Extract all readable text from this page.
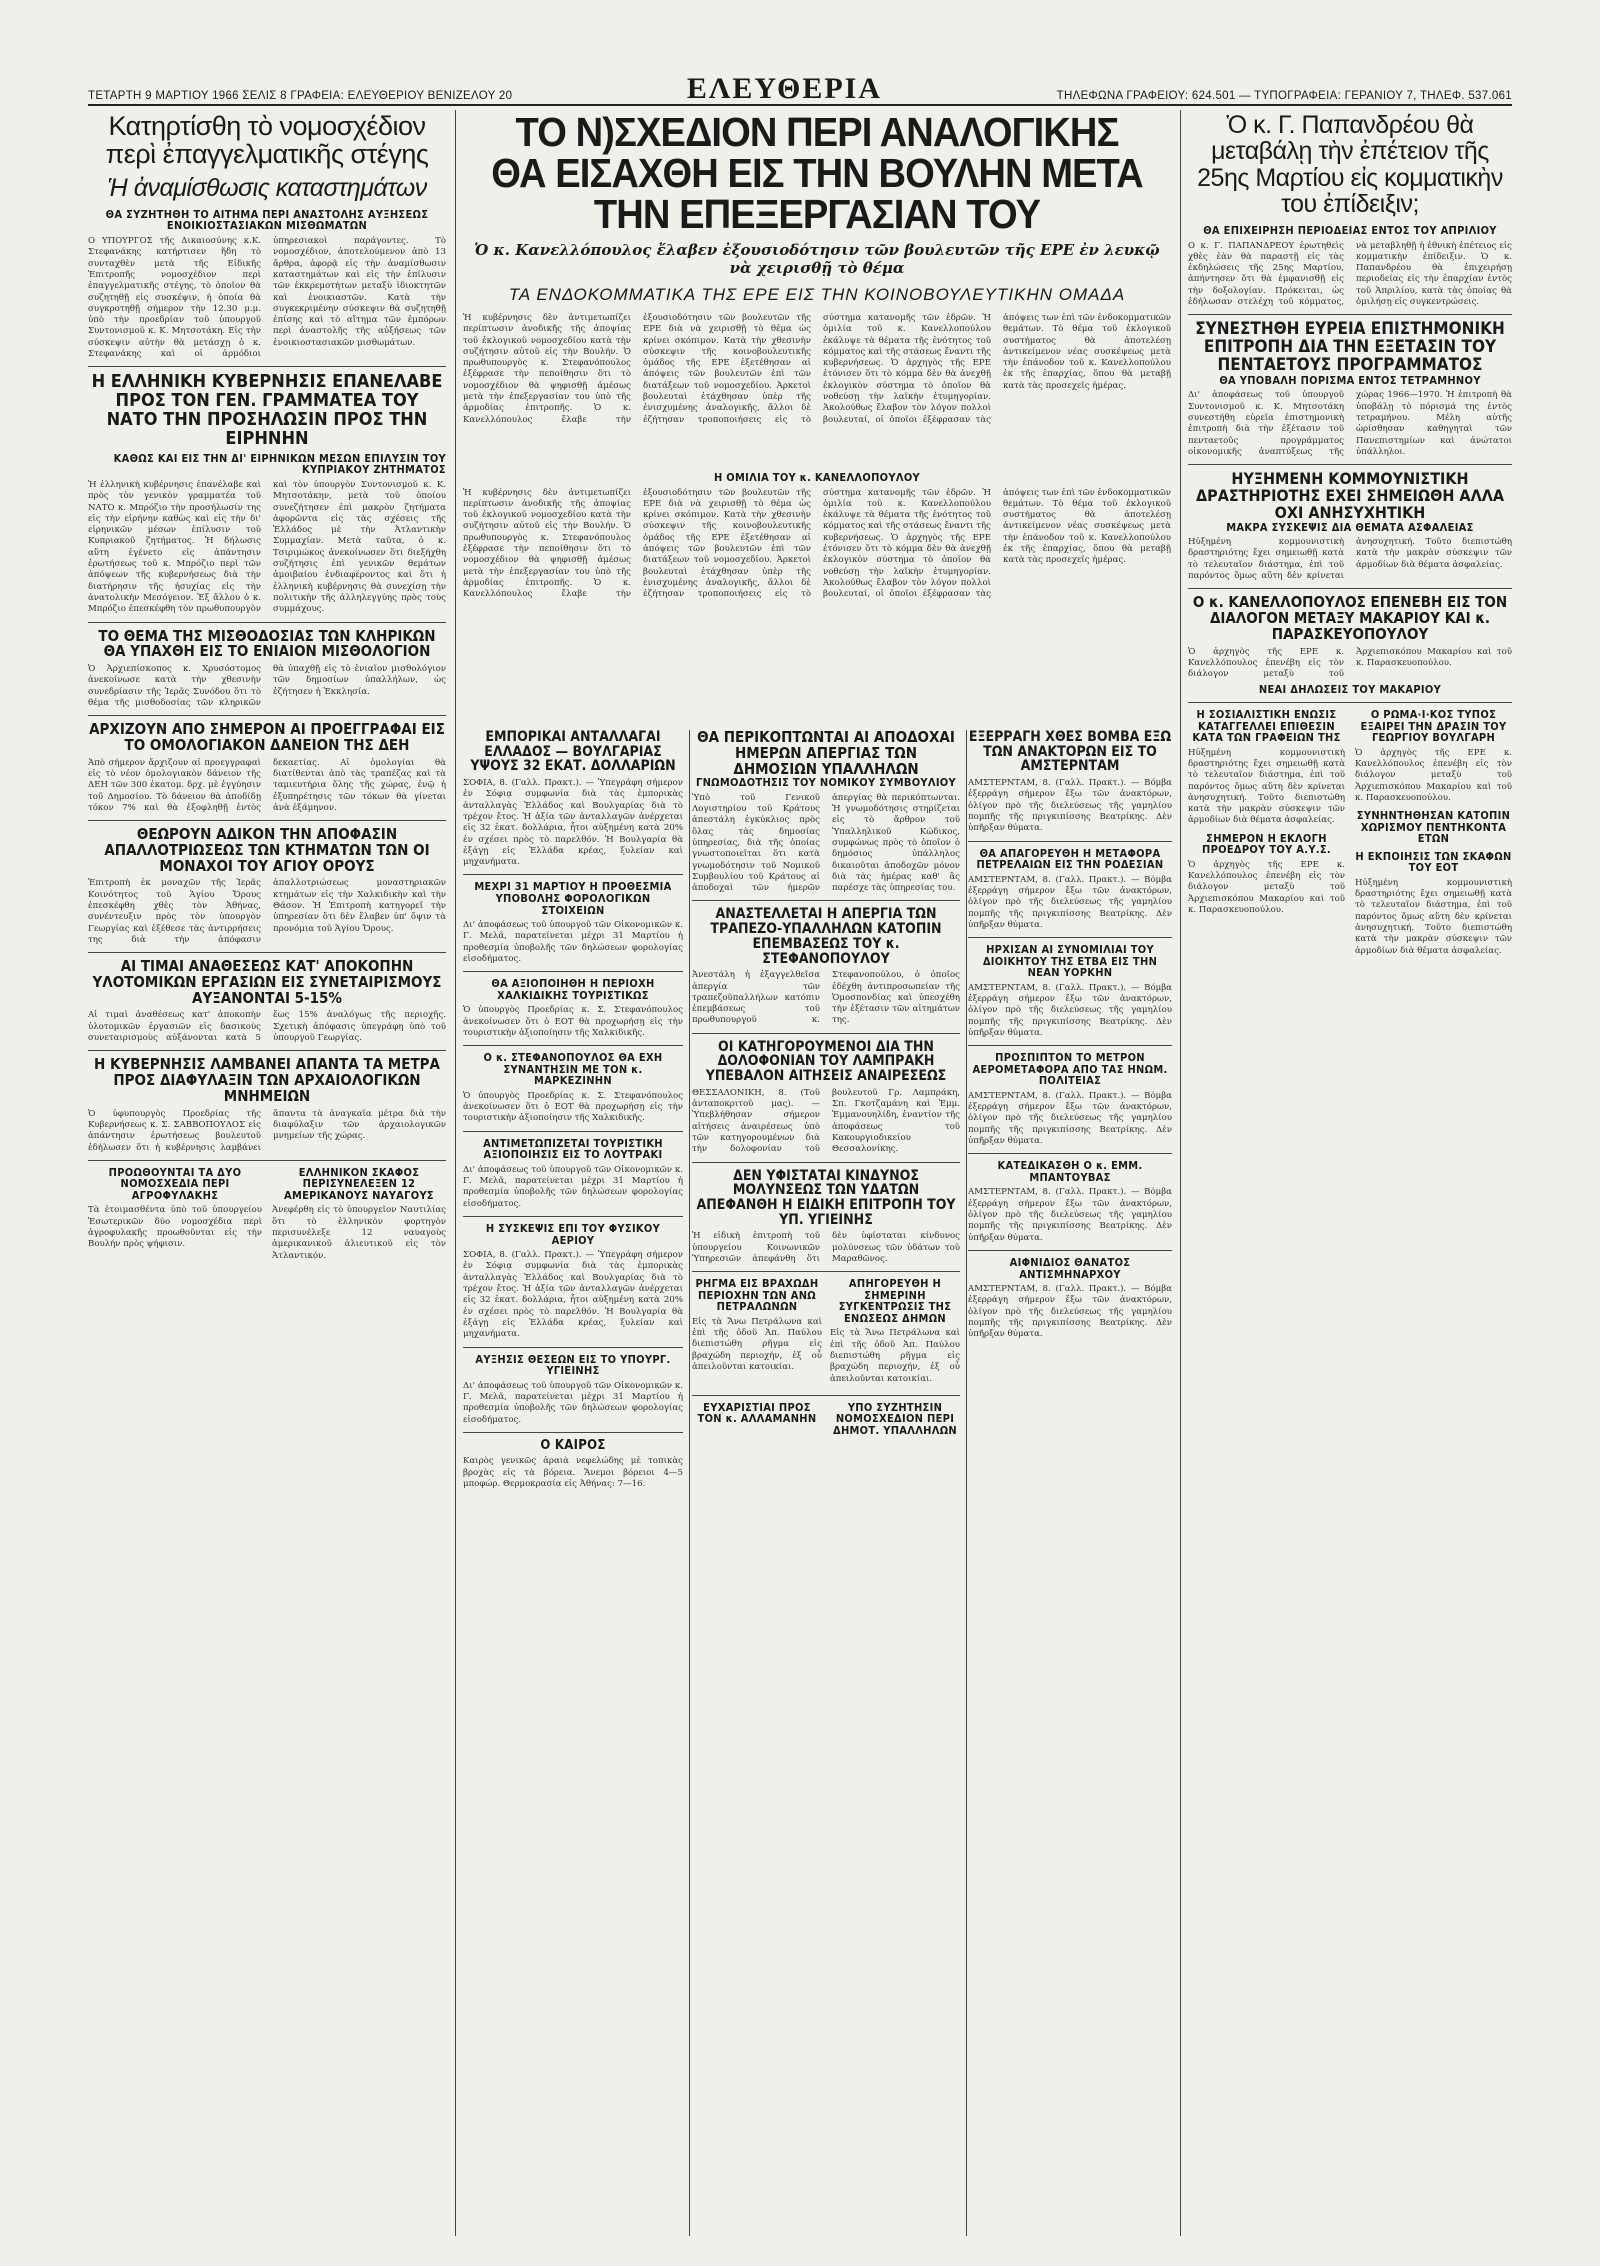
ΤΕΤΑΡΤΗ 9 ΜΑΡΤΙΟΥ 1966 ΣΕΛΙΣ 8 ΓΡΑΦΕΙΑ: ΕΛΕΥΘΕΡΙΟΥ ΒΕΝΙΖΕΛΟΥ 20	ΕΛΕΥΘΕΡΙΑ	ΤΗΛΕΦΩΝΑ ΓΡΑΦΕΙΟΥ: 624.501 — ΤΥΠΟΓΡΑΦΕΙΑ: ΓΕΡΑΝΙΟΥ 7, ΤΗΛΕΦ. 537.061
Κατηρτίσθη τὸ νομοσχέδιον περὶ ἐπαγγελματικῆς στέγης
Ἡ ἀναμίσθωσις καταστημάτων

ΘΑ ΣΥΖΗΤΗΘΗ ΤΟ ΑΙΤΗΜΑ ΠΕΡΙ ΑΝΑΣΤΟΛΗΣ ΑΥΞΗΣΕΩΣ ΕΝΟΙΚΙΟΣΤΑΣΙΑΚΩΝ ΜΙΣΘΩΜΑΤΩΝ

Ο ΥΠΟΥΡΓΟΣ τῆς Δικαιοσύνης κ.Κ. Στεφανάκης κατήρτισεν ἤδη τὸ συνταχθὲν μετὰ τῆς Εἰδικῆς Ἐπιτροπῆς νομοσχέδιον περὶ ἐπαγγελματικῆς στέγης, τὸ ὁποῖον θὰ συζητηθῇ εἰς συσκέψιν, ἡ ὁποία θὰ συγκροτηθῇ σήμερον τὴν 12.30 μ.μ. ὑπὸ τὴν προεδρίαν τοῦ ὑπουργοῦ Συντονισμοῦ κ. Κ. Μητσοτάκη. Εἰς τὴν σύσκεψιν αὐτὴν θὰ μετάσχῃ ὁ κ. Στεφανάκης καὶ οἱ ἁρμόδιοι ὑπηρεσιακοὶ παράγοντες. Τὸ νομοσχέδιον, ἀποτελούμενον ἀπὸ 13 ἄρθρα, ἀφορᾷ εἰς τὴν ἀναμίσθωσιν καταστημάτων καὶ εἰς τὴν ἐπίλυσιν τῶν ἐκκρεμοτήτων μεταξὺ ἰδιοκτητῶν καὶ ἐνοικιαστῶν. Κατὰ τὴν συγκεκριμένην σύσκεψιν θὰ συζητηθῇ ἐπίσης καὶ τὸ αἴτημα τῶν ἐμπόρων περὶ ἀναστολῆς τῆς αὐξήσεως τῶν ἐνοικιοστασιακῶν μισθωμάτων.

Η ΕΛΛΗΝΙΚΗ ΚΥΒΕΡΝΗΣΙΣ ΕΠΑΝΕΛΑΒΕ ΠΡΟΣ ΤΟΝ ΓΕΝ. ΓΡΑΜΜΑΤΕΑ ΤΟΥ ΝΑΤΟ ΤΗΝ ΠΡΟΣΗΛΩΣΙΝ ΠΡΟΣ ΤΗΝ ΕΙΡΗΝΗΝ

ΚΑΘΩΣ ΚΑΙ ΕΙΣ ΤΗΝ ΔΙ' ΕΙΡΗΝΙΚΩΝ ΜΕΣΩΝ ΕΠΙΛΥΣΙΝ ΤΟΥ ΚΥΠΡΙΑΚΟΥ ΖΗΤΗΜΑΤΟΣ

Ἡ ἑλληνικὴ κυβέρνησις ἐπανέλαβε καὶ πρὸς τὸν γενικὸν γραμματέα τοῦ ΝΑΤΟ κ. Μπρόζιο τὴν προσήλωσίν της εἰς τὴν εἰρήνην καθὼς καὶ εἰς τὴν δι' εἰρηνικῶν μέσων ἐπίλυσιν τοῦ Κυπριακοῦ ζητήματος. Ἡ δήλωσις αὕτη ἐγένετο εἰς ἀπάντησιν ἐρωτήσεως τοῦ κ. Μπρόζιο περὶ τῶν ἀπόψεων τῆς κυβερνήσεως διὰ τὴν διατήρησιν τῆς ἡσυχίας εἰς τὴν ἀνατολικὴν Μεσόγειον. Ἐξ ἄλλου ὁ κ. Μπρόζιο ἐπεσκέφθη τὸν πρωθυπουργὸν καὶ τὸν ὑπουργὸν Συντονισμοῦ κ. Κ. Μητσοτάκην, μετὰ τοῦ ὁποίου συνεζήτησεν ἐπὶ μακρὸν ζητήματα ἀφορῶντα εἰς τὰς σχέσεις τῆς Ἑλλάδος μὲ τὴν Ἀτλαντικὴν Συμμαχίαν. Μετὰ ταῦτα, ὁ κ. Τσιριμώκος ἀνεκοίνωσεν ὅτι διεξήχθη συζήτησις ἐπὶ γενικῶν θεμάτων ἀμοιβαίου ἐνδιαφέροντος καὶ ὅτι ἡ ἑλληνικὴ κυβέρνησις θὰ συνεχίσῃ τὴν πολιτικὴν τῆς ἀλληλεγγύης πρὸς τοὺς συμμάχους.

ΤΟ ΘΕΜΑ ΤΗΣ ΜΙΣΘΟΔΟΣΙΑΣ ΤΩΝ ΚΛΗΡΙΚΩΝ ΘΑ ΥΠΑΧΘΗ ΕΙΣ ΤΟ ΕΝΙΑΙΟΝ ΜΙΣΘΟΛΟΓΙΟΝ

Ὁ Ἀρχιεπίσκοπος κ. Χρυσόστομος ἀνεκοίνωσε κατὰ τὴν χθεσινὴν συνεδρίασιν τῆς Ἱερᾶς Συνόδου ὅτι τὸ θέμα τῆς μισθοδοσίας τῶν κληρικῶν θὰ ὑπαχθῇ εἰς τὸ ἑνιαῖον μισθολόγιον τῶν δημοσίων ὑπαλλήλων, ὡς ἐζήτησεν ἡ Ἐκκλησία.

ΑΡΧΙΖΟΥΝ ΑΠΟ ΣΗΜΕΡΟΝ ΑΙ ΠΡΟΕΓΓΡΑΦΑΙ ΕΙΣ ΤΟ ΟΜΟΛΟΓΙΑΚΟΝ ΔΑΝΕΙΟΝ ΤΗΣ ΔΕΗ

Ἀπὸ σήμερον ἄρχιζουν αἱ προεγγραφαὶ εἰς τὸ νέον ὁμολογιακὸν δάνειον τῆς ΔΕΗ τῶν 300 ἑκατομ. δρχ. μὲ ἐγγύησιν τοῦ Δημοσίου. Τὸ δάνειον θὰ ἀποδίδῃ τόκον 7% καὶ θὰ ἐξοφληθῇ ἐντὸς δεκαετίας. Αἱ ὁμολογίαι θὰ διατίθενται ἀπὸ τὰς τραπέζας καὶ τὰ ταμιευτήρια ὅλης τῆς χώρας, ἐνῷ ἡ ἐξυπηρέτησις τῶν τόκων θὰ γίνεται ἀνὰ ἑξάμηνον.

ΘΕΩΡΟΥΝ ΑΔΙΚΟΝ ΤΗΝ ΑΠΟΦΑΣΙΝ ΑΠΑΛΛΟΤΡΙΩΣΕΩΣ ΤΩΝ ΚΤΗΜΑΤΩΝ ΤΩΝ ΟΙ ΜΟΝΑΧΟΙ ΤΟΥ ΑΓΙΟΥ ΟΡΟΥΣ

Ἐπιτροπὴ ἐκ μοναχῶν τῆς Ἱερᾶς Κοινότητος τοῦ Ἁγίου Ὄρους ἐπεσκέφθη χθὲς τὸν Ἀθήνας, συνέντευξιν πρὸς τὸν ὑπουργὸν Γεωργίας καὶ ἐξέθεσε τὰς ἀντιρρήσεις της διὰ τὴν ἀπόφασιν ἀπαλλοτριώσεως μοναστηριακῶν κτημάτων εἰς τὴν Χαλκιδικὴν καὶ τὴν Θάσον. Ἡ Ἐπιτροπὴ κατηγορεῖ τὴν ὑπηρεσίαν ὅτι δὲν ἔλαβεν ὑπ' ὄψιν τὰ προνόμια τοῦ Ἁγίου Ὄρους.

ΑΙ ΤΙΜΑΙ ΑΝΑΘΕΣΕΩΣ ΚΑΤ' ΑΠΟΚΟΠΗΝ ΥΛΟΤΟΜΙΚΩΝ ΕΡΓΑΣΙΩΝ ΕΙΣ ΣΥΝΕΤΑΙΡΙΣΜΟΥΣ ΑΥΞΑΝΟΝΤΑΙ 5-15%

Αἱ τιμαὶ ἀναθέσεως κατ' ἀποκοπὴν ὑλοτομικῶν ἐργασιῶν εἰς δασικοὺς συνεταιρισμοὺς αὐξάνονται κατὰ 5 ἕως 15% ἀναλόγως τῆς περιοχῆς. Σχετικὴ ἀπόφασις ὑπεγράφη ὑπὸ τοῦ ὑπουργοῦ Γεωργίας.

Η ΚΥΒΕΡΝΗΣΙΣ ΛΑΜΒΑΝΕΙ ΑΠΑΝΤΑ ΤΑ ΜΕΤΡΑ ΠΡΟΣ ΔΙΑΦΥΛΑΞΙΝ ΤΩΝ ΑΡΧΑΙΟΛΟΓΙΚΩΝ ΜΝΗΜΕΙΩΝ

Ὁ ὑφυπουργὸς Προεδρίας τῆς Κυβερνήσεως κ. Σ. ΣΑΒΒΟΠΟΥΛΟΣ εἰς ἀπάντησιν ἐρωτήσεως βουλευτοῦ ἐδήλωσεν ὅτι ἡ κυβέρνησις λαμβάνει ἅπαντα τὰ ἀναγκαῖα μέτρα διὰ τὴν διαφύλαξιν τῶν ἀρχαιολογικῶν μνημείων τῆς χώρας.

ΠΡΟΩΘΟΥΝΤΑΙ ΤΑ ΔΥΟ ΝΟΜΟΣΧΕΔΙΑ ΠΕΡΙ ΑΓΡΟΦΥΛΑΚΗΣ

Τὰ ἑτοιμασθέντα ὑπὸ τοῦ ὑπουργείου Ἐσωτερικῶν δύο νομοσχέδια περὶ ἀγροφυλακῆς προωθοῦνται εἰς τὴν Βουλήν πρὸς ψήφισιν.

ΕΛΛΗΝΙΚΟΝ ΣΚΑΦΟΣ ΠΕΡΙΣΥΝΕΛΕΞΕΝ 12 ΑΜΕΡΙΚΑΝΟΥΣ ΝΑΥΑΓΟΥΣ

Ἀνεφέρθη εἰς τὸ ὑπουργεῖον Ναυτιλίας ὅτι τὸ ἑλληνικὸν φορτηγὸν περισυνέλεξε 12 ναυαγοὺς ἀμερικανικοῦ ἁλιευτικοῦ εἰς τὸν Ἀτλαντικόν.

ΤΟ Ν)ΣΧΕΔΙΟΝ ΠΕΡΙ ΑΝΑΛΟΓΙΚΗΣ ΘΑ ΕΙΣΑΧΘΗ ΕΙΣ ΤΗΝ ΒΟΥΛΗΝ ΜΕΤΑ ΤΗΝ ΕΠΕΞΕΡΓΑΣΙΑΝ ΤΟΥ

Ὁ κ. Κανελλόπουλος ἔλαβεν ἐξουσιοδότησιν τῶν βουλευτῶν τῆς ΕΡΕ ἐν λευκῷ νὰ χειρισθῇ τὸ θέμα

ΤΑ ΕΝΔΟΚΟΜΜΑΤΙΚΑ ΤΗΣ ΕΡΕ ΕΙΣ ΤΗΝ ΚΟΙΝΟΒΟΥΛΕΥΤΙΚΗΝ ΟΜΑΔΑ

Ἡ κυβέρνησις δὲν ἀντιμετωπίζει περίπτωσιν ἀνοδικῆς τῆς ἀποψίας τοῦ ἐκλογικοῦ νομοσχεδίου κατὰ τὴν συζήτησιν αὐτοῦ εἰς τὴν Βουλήν. Ὁ πρωθυπουργὸς κ. Στεφανόπουλος ἐξέφρασε τὴν πεποίθησιν ὅτι τὸ νομοσχέδιον θὰ ψηφισθῇ ἀμέσως μετὰ τὴν ἐπεξεργασίαν του ὑπὸ τῆς ἁρμοδίας ἐπιτροπῆς. Ὁ κ. Κανελλόπουλος ἔλαβε τὴν ἐξουσιοδότησιν τῶν βουλευτῶν τῆς ΕΡΕ διὰ νὰ χειρισθῇ τὸ θέμα ὡς κρίνει σκόπιμον. Κατὰ τὴν χθεσινὴν σύσκεψιν τῆς κοινοβουλευτικῆς ὁμάδος τῆς ΕΡΕ ἐξετέθησαν αἱ ἀπόψεις τῶν βουλευτῶν ἐπὶ τῶν διατάξεων τοῦ νομοσχεδίου. Ἀρκετοὶ βουλευταὶ ἐτάχθησαν ὑπὲρ τῆς ἐνισχυμένης ἀναλογικῆς, ἄλλοι δὲ ἐζήτησαν τροποποιήσεις εἰς τὸ σύστημα κατανομῆς τῶν ἑδρῶν. Ἡ ὁμιλία τοῦ κ. Κανελλοπούλου ἐκάλυψε τὰ θέματα τῆς ἐνότητος τοῦ κόμματος καὶ τῆς στάσεως ἔναντι τῆς κυβερνήσεως. Ὁ ἀρχηγὸς τῆς ΕΡΕ ἐτόνισεν ὅτι τὸ κόμμα δὲν θὰ ἀνεχθῇ ἐκλογικὸν σύστημα τὸ ὁποῖον θὰ νοθεύσῃ τὴν λαϊκὴν ἐτυμηγορίαν. Ἀκολούθως ἔλαβον τὸν λόγον πολλοὶ βουλευταί, οἱ ὁποῖοι ἐξέφρασαν τὰς ἀπόψεις των ἐπὶ τῶν ἐνδοκομματικῶν θεμάτων. Τὸ θέμα τοῦ ἐκλογικοῦ συστήματος θὰ ἀποτελέσῃ ἀντικείμενον νέας συσκέψεως μετὰ τὴν ἐπάνοδον τοῦ κ. Κανελλοπούλου ἐκ τῆς ἐπαρχίας, ὅπου θὰ μεταβῇ κατὰ τὰς προσεχεῖς ἡμέρας.

Η ΟΜΙΛΙΑ ΤΟΥ κ. ΚΑΝΕΛΛΟΠΟΥΛΟΥ

Ἡ κυβέρνησις δὲν ἀντιμετωπίζει περίπτωσιν ἀνοδικῆς τῆς ἀποψίας τοῦ ἐκλογικοῦ νομοσχεδίου κατὰ τὴν συζήτησιν αὐτοῦ εἰς τὴν Βουλήν. Ὁ πρωθυπουργὸς κ. Στεφανόπουλος ἐξέφρασε τὴν πεποίθησιν ὅτι τὸ νομοσχέδιον θὰ ψηφισθῇ ἀμέσως μετὰ τὴν ἐπεξεργασίαν του ὑπὸ τῆς ἁρμοδίας ἐπιτροπῆς. Ὁ κ. Κανελλόπουλος ἔλαβε τὴν ἐξουσιοδότησιν τῶν βουλευτῶν τῆς ΕΡΕ διὰ νὰ χειρισθῇ τὸ θέμα ὡς κρίνει σκόπιμον. Κατὰ τὴν χθεσινὴν σύσκεψιν τῆς κοινοβουλευτικῆς ὁμάδος τῆς ΕΡΕ ἐξετέθησαν αἱ ἀπόψεις τῶν βουλευτῶν ἐπὶ τῶν διατάξεων τοῦ νομοσχεδίου. Ἀρκετοὶ βουλευταὶ ἐτάχθησαν ὑπὲρ τῆς ἐνισχυμένης ἀναλογικῆς, ἄλλοι δὲ ἐζήτησαν τροποποιήσεις εἰς τὸ σύστημα κατανομῆς τῶν ἑδρῶν. Ἡ ὁμιλία τοῦ κ. Κανελλοπούλου ἐκάλυψε τὰ θέματα τῆς ἐνότητος τοῦ κόμματος καὶ τῆς στάσεως ἔναντι τῆς κυβερνήσεως. Ὁ ἀρχηγὸς τῆς ΕΡΕ ἐτόνισεν ὅτι τὸ κόμμα δὲν θὰ ἀνεχθῇ ἐκλογικὸν σύστημα τὸ ὁποῖον θὰ νοθεύσῃ τὴν λαϊκὴν ἐτυμηγορίαν. Ἀκολούθως ἔλαβον τὸν λόγον πολλοὶ βουλευταί, οἱ ὁποῖοι ἐξέφρασαν τὰς ἀπόψεις των ἐπὶ τῶν ἐνδοκομματικῶν θεμάτων. Τὸ θέμα τοῦ ἐκλογικοῦ συστήματος θὰ ἀποτελέσῃ ἀντικείμενον νέας συσκέψεως μετὰ τὴν ἐπάνοδον τοῦ κ. Κανελλοπούλου ἐκ τῆς ἐπαρχίας, ὅπου θὰ μεταβῇ κατὰ τὰς προσεχεῖς ἡμέρας.

ΕΜΠΟΡΙΚΑΙ ΑΝΤΑΛΛΑΓΑΙ ΕΛΛΑΔΟΣ — ΒΟΥΛΓΑΡΙΑΣ ΥΨΟΥΣ 32 ΕΚΑΤ. ΔΟΛΛΑΡΙΩΝ

ΣΟΦΙΑ, 8. (Γαλλ. Πρακτ.). — Ὑπεγράφη σήμερον ἐν Σόφιᾳ συμφωνία διὰ τὰς ἐμπορικὰς ἀνταλλαγὰς Ἑλλάδος καὶ Βουλγαρίας διὰ τὸ τρέχον ἔτος. Ἡ ἀξία τῶν ἀνταλλαγῶν ἀνέρχεται εἰς 32 ἑκατ. δολλάρια, ἦτοι αὐξημένη κατὰ 20% ἐν σχέσει πρὸς τὸ παρελθόν. Ἡ Βουλγαρία θὰ ἐξάγῃ εἰς Ἑλλάδα κρέας, ξυλείαν καὶ μηχανήματα.

ΜΕΧΡΙ 31 ΜΑΡΤΙΟΥ Η ΠΡΟΘΕΣΜΙΑ ΥΠΟΒΟΛΗΣ ΦΟΡΟΛΟΓΙΚΩΝ ΣΤΟΙΧΕΙΩΝ

Δι' ἀποφάσεως τοῦ ὑπουργοῦ τῶν Οἰκονομικῶν κ. Γ. Μελᾶ, παρατείνεται μέχρι 31 Μαρτίου ἡ προθεσμία ὑποβολῆς τῶν δηλώσεων φορολογίας εἰσοδήματος.

ΘΑ ΑΞΙΟΠΟΙΗΘΗ Η ΠΕΡΙΟΧΗ ΧΑΛΚΙΔΙΚΗΣ ΤΟΥΡΙΣΤΙΚΩΣ

Ὁ ὑπουργὸς Προεδρίας κ. Σ. Στεφανόπουλος ἀνεκοίνωσεν ὅτι ὁ ΕΟΤ θὰ προχωρήσῃ εἰς τὴν τουριστικὴν ἀξιοποίησιν τῆς Χαλκιδικῆς.

Ο κ. ΣΤΕΦΑΝΟΠΟΥΛΟΣ ΘΑ ΕΧΗ ΣΥΝΑΝΤΗΣΙΝ ΜΕ ΤΟΝ κ. ΜΑΡΚΕΖΙΝΗΝ

Ὁ ὑπουργὸς Προεδρίας κ. Σ. Στεφανόπουλος ἀνεκοίνωσεν ὅτι ὁ ΕΟΤ θὰ προχωρήσῃ εἰς τὴν τουριστικὴν ἀξιοποίησιν τῆς Χαλκιδικῆς.

ΑΝΤΙΜΕΤΩΠΙΖΕΤΑΙ ΤΟΥΡΙΣΤΙΚΗ ΑΞΙΟΠΟΙΗΣΙΣ ΕΙΣ ΤΟ ΛΟΥΤΡΑΚΙ

Δι' ἀποφάσεως τοῦ ὑπουργοῦ τῶν Οἰκονομικῶν κ. Γ. Μελᾶ, παρατείνεται μέχρι 31 Μαρτίου ἡ προθεσμία ὑποβολῆς τῶν δηλώσεων φορολογίας εἰσοδήματος.

Η ΣΥΣΚΕΨΙΣ ΕΠΙ ΤΟΥ ΦΥΣΙΚΟΥ ΑΕΡΙΟΥ

ΣΟΦΙΑ, 8. (Γαλλ. Πρακτ.). — Ὑπεγράφη σήμερον ἐν Σόφιᾳ συμφωνία διὰ τὰς ἐμπορικὰς ἀνταλλαγὰς Ἑλλάδος καὶ Βουλγαρίας διὰ τὸ τρέχον ἔτος. Ἡ ἀξία τῶν ἀνταλλαγῶν ἀνέρχεται εἰς 32 ἑκατ. δολλάρια, ἦτοι αὐξημένη κατὰ 20% ἐν σχέσει πρὸς τὸ παρελθόν. Ἡ Βουλγαρία θὰ ἐξάγῃ εἰς Ἑλλάδα κρέας, ξυλείαν καὶ μηχανήματα.

ΑΥΞΗΣΙΣ ΘΕΣΕΩΝ ΕΙΣ ΤΟ ΥΠΟΥΡΓ. ΥΓΙΕΙΝΗΣ

Δι' ἀποφάσεως τοῦ ὑπουργοῦ τῶν Οἰκονομικῶν κ. Γ. Μελᾶ, παρατείνεται μέχρι 31 Μαρτίου ἡ προθεσμία ὑποβολῆς τῶν δηλώσεων φορολογίας εἰσοδήματος.

Ο ΚΑΙΡΟΣ

Καιρὸς γενικῶς ἀραιὰ νεφελώδης μὲ τοπικὰς βροχὰς εἰς τὰ βόρεια. Ἄνεμοι βόρειοι 4—5 μποφώρ. Θερμοκρασία εἰς Ἀθήνας: 7—16.

ΘΑ ΠΕΡΙΚΟΠΤΩΝΤΑΙ ΑΙ ΑΠΟΔΟΧΑΙ ΗΜΕΡΩΝ ΑΠΕΡΓΙΑΣ ΤΩΝ ΔΗΜΟΣΙΩΝ ΥΠΑΛΛΗΛΩΝ

ΓΝΩΜΟΔΟΤΗΣΙΣ ΤΟΥ ΝΟΜΙΚΟΥ ΣΥΜΒΟΥΛΙΟΥ

Ὑπὸ τοῦ Γενικοῦ Λογιστηρίου τοῦ Κράτους ἀπεστάλη ἐγκύκλιος πρὸς ὅλας τὰς δημοσίας ὑπηρεσίας, διὰ τῆς ὁποίας γνωστοποιεῖται ὅτι κατὰ γνωμοδότησιν τοῦ Νομικοῦ Συμβουλίου τοῦ Κράτους αἱ ἀποδοχαὶ τῶν ἡμερῶν ἀπεργίας θὰ περικόπτωνται. Ἡ γνωμοδότησις στηρίζεται εἰς τὸ ἄρθρον τοῦ Ὑπαλληλικοῦ Κώδικος, συμφώνως πρὸς τὸ ὁποῖον ὁ δημόσιος ὑπάλληλος δικαιοῦται ἀποδοχῶν μόνον διὰ τὰς ἡμέρας καθ' ἃς παρέσχε τὰς ὑπηρεσίας του.

ΑΝΑΣΤΕΛΛΕΤΑΙ Η ΑΠΕΡΓΙΑ ΤΩΝ ΤΡΑΠΕΖΟ-ΥΠΑΛΛΗΛΩΝ ΚΑΤΟΠΙΝ ΕΠΕΜΒΑΣΕΩΣ ΤΟΥ κ. ΣΤΕΦΑΝΟΠΟΥΛΟΥ

Ἀνεστάλη ἡ ἐξαγγελθεῖσα ἀπεργία τῶν τραπεζοϋπαλλήλων κατόπιν ἐπεμβάσεως τοῦ πρωθυπουργοῦ κ. Στεφανοπούλου, ὁ ὁποῖος ἐδέχθη ἀντιπροσωπείαν τῆς Ὁμοσπονδίας καὶ ὑπεσχέθη τὴν ἐξέτασιν τῶν αἰτημάτων της.

ΟΙ ΚΑΤΗΓΟΡΟΥΜΕΝΟΙ ΔΙΑ ΤΗΝ ΔΟΛΟΦΟΝΙΑΝ ΤΟΥ ΛΑΜΠΡΑΚΗ ΥΠΕΒΑΛΟΝ ΑΙΤΗΣΕΙΣ ΑΝΑΙΡΕΣΕΩΣ

ΘΕΣΣΑΛΟΝΙΚΗ, 8. (Τοῦ ἀνταποκριτοῦ μας). — Ὑπεβλήθησαν σήμερον αἰτήσεις ἀναιρέσεως ὑπὸ τῶν κατηγορουμένων διὰ τὴν δολοφονίαν τοῦ βουλευτοῦ Γρ. Λαμπράκη, Σπ. Γκοτζαμάνη καὶ Ἐμμ. Ἐμμανουηλίδη, ἐναντίον τῆς ἀποφάσεως τοῦ Κακουργιοδικείου Θεσσαλονίκης.

ΔΕΝ ΥΦΙΣΤΑΤΑΙ ΚΙΝΔΥΝΟΣ ΜΟΛΥΝΣΕΩΣ ΤΩΝ ΥΔΑΤΩΝ ΑΠΕΦΑΝΘΗ Η ΕΙΔΙΚΗ ΕΠΙΤΡΟΠΗ ΤΟΥ ΥΠ. ΥΓΙΕΙΝΗΣ

Ἡ εἰδικὴ ἐπιτροπὴ τοῦ ὑπουργείου Κοινωνικῶν Ὑπηρεσιῶν ἀπεφάνθη ὅτι δὲν ὑφίσταται κίνδυνος μολύνσεως τῶν ὑδάτων τοῦ Μαραθῶνος.

ΡΗΓΜΑ ΕΙΣ ΒΡΑΧΩΔΗ ΠΕΡΙΟΧΗΝ ΤΩΝ ΑΝΩ ΠΕΤΡΑΛΩΝΩΝ

Εἰς τὰ Ἄνω Πετράλωνα καὶ ἐπὶ τῆς ὁδοῦ Ἀπ. Παύλου διεπιστώθη ρῆγμα εἰς βραχώδη περιοχήν, ἐξ οὗ ἀπειλοῦνται κατοικίαι.

ΑΠΗΓΟΡΕΥΘΗ Η ΣΗΜΕΡΙΝΗ ΣΥΓΚΕΝΤΡΩΣΙΣ ΤΗΣ ΕΝΩΣΕΩΣ ΔΗΜΩΝ

Εἰς τὰ Ἄνω Πετράλωνα καὶ ἐπὶ τῆς ὁδοῦ Ἀπ. Παύλου διεπιστώθη ρῆγμα εἰς βραχώδη περιοχήν, ἐξ οὗ ἀπειλοῦνται κατοικίαι.

ΕΥΧΑΡΙΣΤΙΑΙ ΠΡΟΣ ΤΟΝ κ. ΑΛΛΑΜΑΝΗΝ
ΥΠΟ ΣΥΖΗΤΗΣΙΝ ΝΟΜΟΣΧΕΔΙΟΝ ΠΕΡΙ ΔΗΜΟΤ. ΥΠΑΛΛΗΛΩΝ
ΕΞΕΡΡΑΓΗ ΧΘΕΣ ΒΟΜΒΑ ΕΞΩ ΤΩΝ ΑΝΑΚΤΟΡΩΝ ΕΙΣ ΤΟ ΑΜΣΤΕΡΝΤΑΜ

ΑΜΣΤΕΡΝΤΑΜ, 8. (Γαλλ. Πρακτ.). — Βόμβα ἐξερράγη σήμερον ἔξω τῶν ἀνακτόρων, ὀλίγον πρὸ τῆς διελεύσεως τῆς γαμηλίου πομπῆς τῆς πριγκιπίσσης Βεατρίκης. Δὲν ὑπῆρξαν θύματα.

ΘΑ ΑΠΑΓΟΡΕΥΘΗ Η ΜΕΤΑΦΟΡΑ ΠΕΤΡΕΛΑΙΩΝ ΕΙΣ ΤΗΝ ΡΟΔΕΣΙΑΝ

ΑΜΣΤΕΡΝΤΑΜ, 8. (Γαλλ. Πρακτ.). — Βόμβα ἐξερράγη σήμερον ἔξω τῶν ἀνακτόρων, ὀλίγον πρὸ τῆς διελεύσεως τῆς γαμηλίου πομπῆς τῆς πριγκιπίσσης Βεατρίκης. Δὲν ὑπῆρξαν θύματα.

ΗΡΧΙΣΑΝ ΑΙ ΣΥΝΟΜΙΛΙΑΙ ΤΟΥ ΔΙΟΙΚΗΤΟΥ ΤΗΣ ΕΤΒΑ ΕΙΣ ΤΗΝ ΝΕΑΝ ΥΟΡΚΗΝ

ΑΜΣΤΕΡΝΤΑΜ, 8. (Γαλλ. Πρακτ.). — Βόμβα ἐξερράγη σήμερον ἔξω τῶν ἀνακτόρων, ὀλίγον πρὸ τῆς διελεύσεως τῆς γαμηλίου πομπῆς τῆς πριγκιπίσσης Βεατρίκης. Δὲν ὑπῆρξαν θύματα.

ΠΡΟΣΠΙΠΤΟΝ ΤΟ ΜΕΤΡΟΝ ΑΕΡΟΜΕΤΑΦΟΡΑ ΑΠΟ ΤΑΣ ΗΝΩΜ. ΠΟΛΙΤΕΙΑΣ

ΑΜΣΤΕΡΝΤΑΜ, 8. (Γαλλ. Πρακτ.). — Βόμβα ἐξερράγη σήμερον ἔξω τῶν ἀνακτόρων, ὀλίγον πρὸ τῆς διελεύσεως τῆς γαμηλίου πομπῆς τῆς πριγκιπίσσης Βεατρίκης. Δὲν ὑπῆρξαν θύματα.

ΚΑΤΕΔΙΚΑΣΘΗ Ο κ. ΕΜΜ. ΜΠΑΝΤΟΥΒΑΣ

ΑΜΣΤΕΡΝΤΑΜ, 8. (Γαλλ. Πρακτ.). — Βόμβα ἐξερράγη σήμερον ἔξω τῶν ἀνακτόρων, ὀλίγον πρὸ τῆς διελεύσεως τῆς γαμηλίου πομπῆς τῆς πριγκιπίσσης Βεατρίκης. Δὲν ὑπῆρξαν θύματα.

ΑΙΦΝΙΔΙΟΣ ΘΑΝΑΤΟΣ ΑΝΤΙΣΜΗΝΑΡΧΟΥ

ΑΜΣΤΕΡΝΤΑΜ, 8. (Γαλλ. Πρακτ.). — Βόμβα ἐξερράγη σήμερον ἔξω τῶν ἀνακτόρων, ὀλίγον πρὸ τῆς διελεύσεως τῆς γαμηλίου πομπῆς τῆς πριγκιπίσσης Βεατρίκης. Δὲν ὑπῆρξαν θύματα.

Ὁ κ. Γ. Παπανδρέου θὰ μεταβάλῃ τὴν ἐπέτειον τῆς 25ης Μαρτίου εἰς κομματικὴν του ἐπίδειξιν;

ΘΑ ΕΠΙΧΕΙΡΗΣΗ ΠΕΡΙΟΔΕΙΑΣ ΕΝΤΟΣ ΤΟΥ ΑΠΡΙΛΙΟΥ

Ο κ. Γ. ΠΑΠΑΝΔΡΕΟΥ ἐρωτηθεὶς χθὲς ἐὰν θὰ παραστῇ εἰς τὰς ἐκδηλώσεις τῆς 25ης Μαρτίου, ἀπήντησεν ὅτι θὰ ἐμφανισθῇ εἰς τὴν δοξολογίαν. Πρόκειται, ὡς ἐδήλωσαν στελέχη τοῦ κόμματος, νὰ μεταβληθῇ ἡ ἐθνικὴ ἐπέτειος εἰς κομματικὴν ἐπίδειξιν. Ὁ κ. Παπανδρέου θὰ ἐπιχειρήσῃ περιοδείας εἰς τὴν ἐπαρχίαν ἐντὸς τοῦ Ἀπριλίου, κατὰ τὰς ὁποίας θὰ ὁμιλήσῃ εἰς συγκεντρώσεις.

ΣΥΝΕΣΤΗΘΗ ΕΥΡΕΙΑ ΕΠΙΣΤΗΜΟΝΙΚΗ ΕΠΙΤΡΟΠΗ ΔΙΑ ΤΗΝ ΕΞΕΤΑΣΙΝ ΤΟΥ ΠΕΝΤΑΕΤΟΥΣ ΠΡΟΓΡΑΜΜΑΤΟΣ

ΘΑ ΥΠΟΒΑΛΗ ΠΟΡΙΣΜΑ ΕΝΤΟΣ ΤΕΤΡΑΜΗΝΟΥ

Δι' ἀποφάσεως τοῦ ὑπουργοῦ Συντονισμοῦ κ. Κ. Μητσοτάκη συνεστήθη εὐρεῖα ἐπιστημονικὴ ἐπιτροπὴ διὰ τὴν ἐξέτασιν τοῦ πενταετοῦς προγράμματος οἰκονομικῆς ἀναπτύξεως τῆς χώρας 1966—1970. Ἡ ἐπιτροπὴ θὰ ὑποβάλῃ τὸ πόρισμά της ἐντὸς τετραμήνου. Μέλη αὐτῆς ὠρίσθησαν καθηγηταὶ τῶν Πανεπιστημίων καὶ ἀνώτατοι ὑπάλληλοι.

ΗΥΞΗΜΕΝΗ ΚΟΜΜΟΥΝΙΣΤΙΚΗ ΔΡΑΣΤΗΡΙΟΤΗΣ ΕΧΕΙ ΣΗΜΕΙΩΘΗ ΑΛΛΑ ΟΧΙ ΑΝΗΣΥΧΗΤΙΚΗ

ΜΑΚΡΑ ΣΥΣΚΕΨΙΣ ΔΙΑ ΘΕΜΑΤΑ ΑΣΦΑΛΕΙΑΣ

Ηὐξημένη κομμουνιστικὴ δραστηριότης ἔχει σημειωθῇ κατὰ τὸ τελευταῖον διάστημα, ἐπὶ τοῦ παρόντος ὅμως αὕτη δὲν κρίνεται ἀνησυχητική. Τοῦτο διεπιστώθη κατὰ τὴν μακρὰν σύσκεψιν τῶν ἁρμοδίων διὰ θέματα ἀσφαλείας.

Ο κ. ΚΑΝΕΛΛΟΠΟΥΛΟΣ ΕΠΕΝΕΒΗ ΕΙΣ ΤΟΝ ΔΙΑΛΟΓΟΝ ΜΕΤΑΞΥ ΜΑΚΑΡΙΟΥ ΚΑΙ κ. ΠΑΡΑΣΚΕΥΟΠΟΥΛΟΥ

Ὁ ἀρχηγὸς τῆς ΕΡΕ κ. Κανελλόπουλος ἐπενέβη εἰς τὸν διάλογον μεταξὺ τοῦ Ἀρχιεπισκόπου Μακαρίου καὶ τοῦ κ. Παρασκευοπούλου.

ΝΕΑΙ ΔΗΛΩΣΕΙΣ ΤΟΥ ΜΑΚΑΡΙΟΥ

Η ΣΟΣΙΑΛΙΣΤΙΚΗ ΕΝΩΣΙΣ ΚΑΤΑΓΓΕΛΛΕΙ ΕΠΙΘΕΣΙΝ ΚΑΤΑ ΤΩΝ ΓΡΑΦΕΙΩΝ ΤΗΣ

Ηὐξημένη κομμουνιστικὴ δραστηριότης ἔχει σημειωθῇ κατὰ τὸ τελευταῖον διάστημα, ἐπὶ τοῦ παρόντος ὅμως αὕτη δὲν κρίνεται ἀνησυχητική. Τοῦτο διεπιστώθη κατὰ τὴν μακρὰν σύσκεψιν τῶν ἁρμοδίων διὰ θέματα ἀσφαλείας.

ΣΗΜΕΡΟΝ Η ΕΚΛΟΓΗ ΠΡΟΕΔΡΟΥ ΤΟΥ Α.Υ.Σ.

Ὁ ἀρχηγὸς τῆς ΕΡΕ κ. Κανελλόπουλος ἐπενέβη εἰς τὸν διάλογον μεταξὺ τοῦ Ἀρχιεπισκόπου Μακαρίου καὶ τοῦ κ. Παρασκευοπούλου.

Ο ΡΩΜΑ·Ι·ΚΟΣ ΤΥΠΟΣ ΕΞΑΙΡΕΙ ΤΗΝ ΔΡΑΣΙΝ ΤΟΥ ΓΕΩΡΓΙΟΥ ΒΟΥΛΓΑΡΗ

Ὁ ἀρχηγὸς τῆς ΕΡΕ κ. Κανελλόπουλος ἐπενέβη εἰς τὸν διάλογον μεταξὺ τοῦ Ἀρχιεπισκόπου Μακαρίου καὶ τοῦ κ. Παρασκευοπούλου.

ΣΥΝΗΝΤΗΘΗΣΑΝ ΚΑΤΟΠΙΝ ΧΩΡΙΣΜΟΥ ΠΕΝΤΗΚΟΝΤΑ ΕΤΩΝ
Η ΕΚΠΟΙΗΣΙΣ ΤΩΝ ΣΚΑΦΩΝ ΤΟΥ ΕΟΤ

Ηὐξημένη κομμουνιστικὴ δραστηριότης ἔχει σημειωθῇ κατὰ τὸ τελευταῖον διάστημα, ἐπὶ τοῦ παρόντος ὅμως αὕτη δὲν κρίνεται ἀνησυχητική. Τοῦτο διεπιστώθη κατὰ τὴν μακρὰν σύσκεψιν τῶν ἁρμοδίων διὰ θέματα ἀσφαλείας.
